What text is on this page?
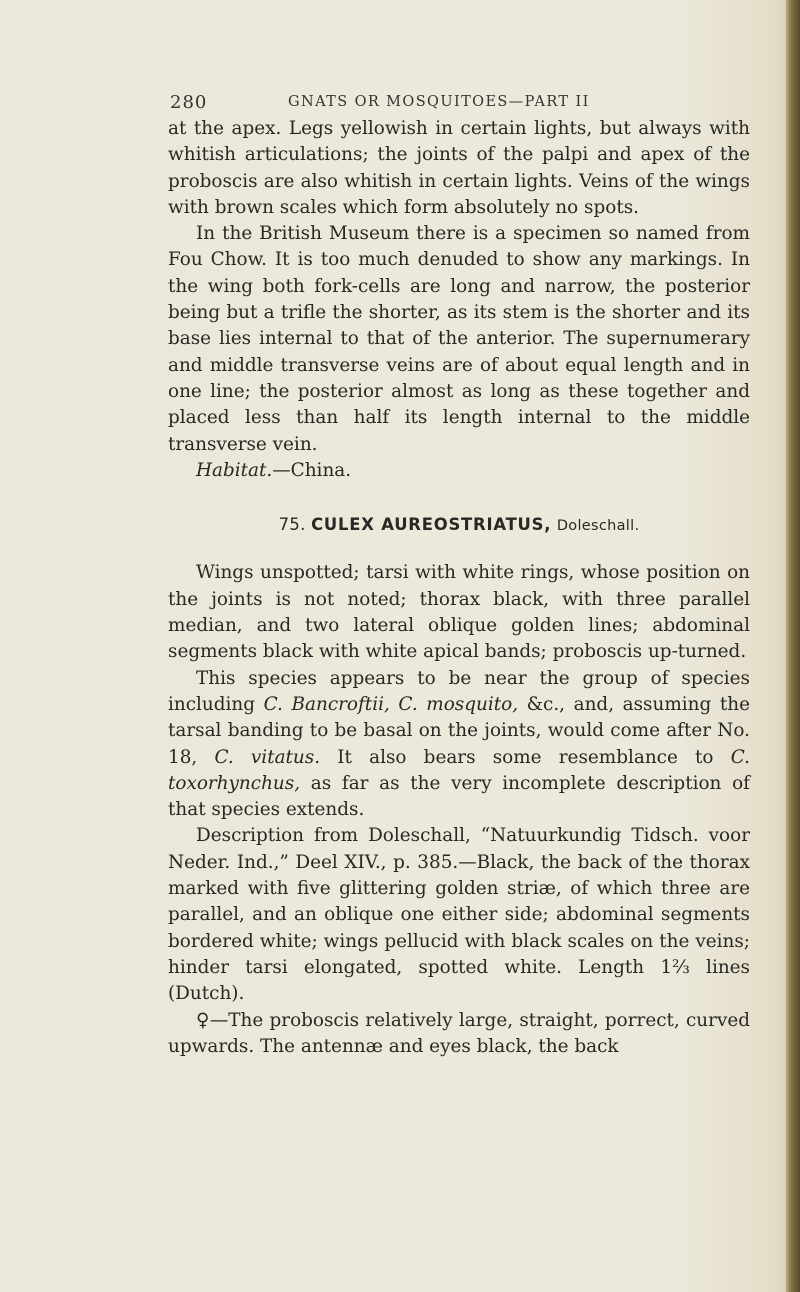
280	GNATS OR MOSQUITOES—PART II

at the apex. Legs yellowish in certain lights, but always with whitish articulations; the joints of the palpi and apex of the proboscis are also whitish in certain lights. Veins of the wings with brown scales which form absolutely no spots.

In the British Museum there is a specimen so named from Fou Chow. It is too much denuded to show any markings. In the wing both fork-cells are long and narrow, the posterior being but a trifle the shorter, as its stem is the shorter and its base lies internal to that of the anterior. The supernumerary and middle transverse veins are of about equal length and in one line; the posterior almost as long as these together and placed less than half its length internal to the middle transverse vein.

Habitat.—China.

75. CULEX AUREOSTRIATUS, Doleschall.

Wings unspotted; tarsi with white rings, whose position on the joints is not noted; thorax black, with three parallel median, and two lateral oblique golden lines; abdominal segments black with white apical bands; proboscis up-turned.

This species appears to be near the group of species including C. Bancroftii, C. mosquito, &c., and, assuming the tarsal banding to be basal on the joints, would come after No. 18, C. vitatus. It also bears some resemblance to C. toxorhynchus, as far as the very incomplete description of that species extends.

Description from Doleschall, “Natuurkundig Tidsch. voor Neder. Ind.,” Deel XIV., p. 385.—Black, the back of the thorax marked with five glittering golden striæ, of which three are parallel, and an oblique one either side; abdominal segments bordered white; wings pellucid with black scales on the veins; hinder tarsi elongated, spotted white. Length 1⅔ lines (Dutch).

♀—The proboscis relatively large, straight, porrect, curved upwards. The antennæ and eyes black, the back
